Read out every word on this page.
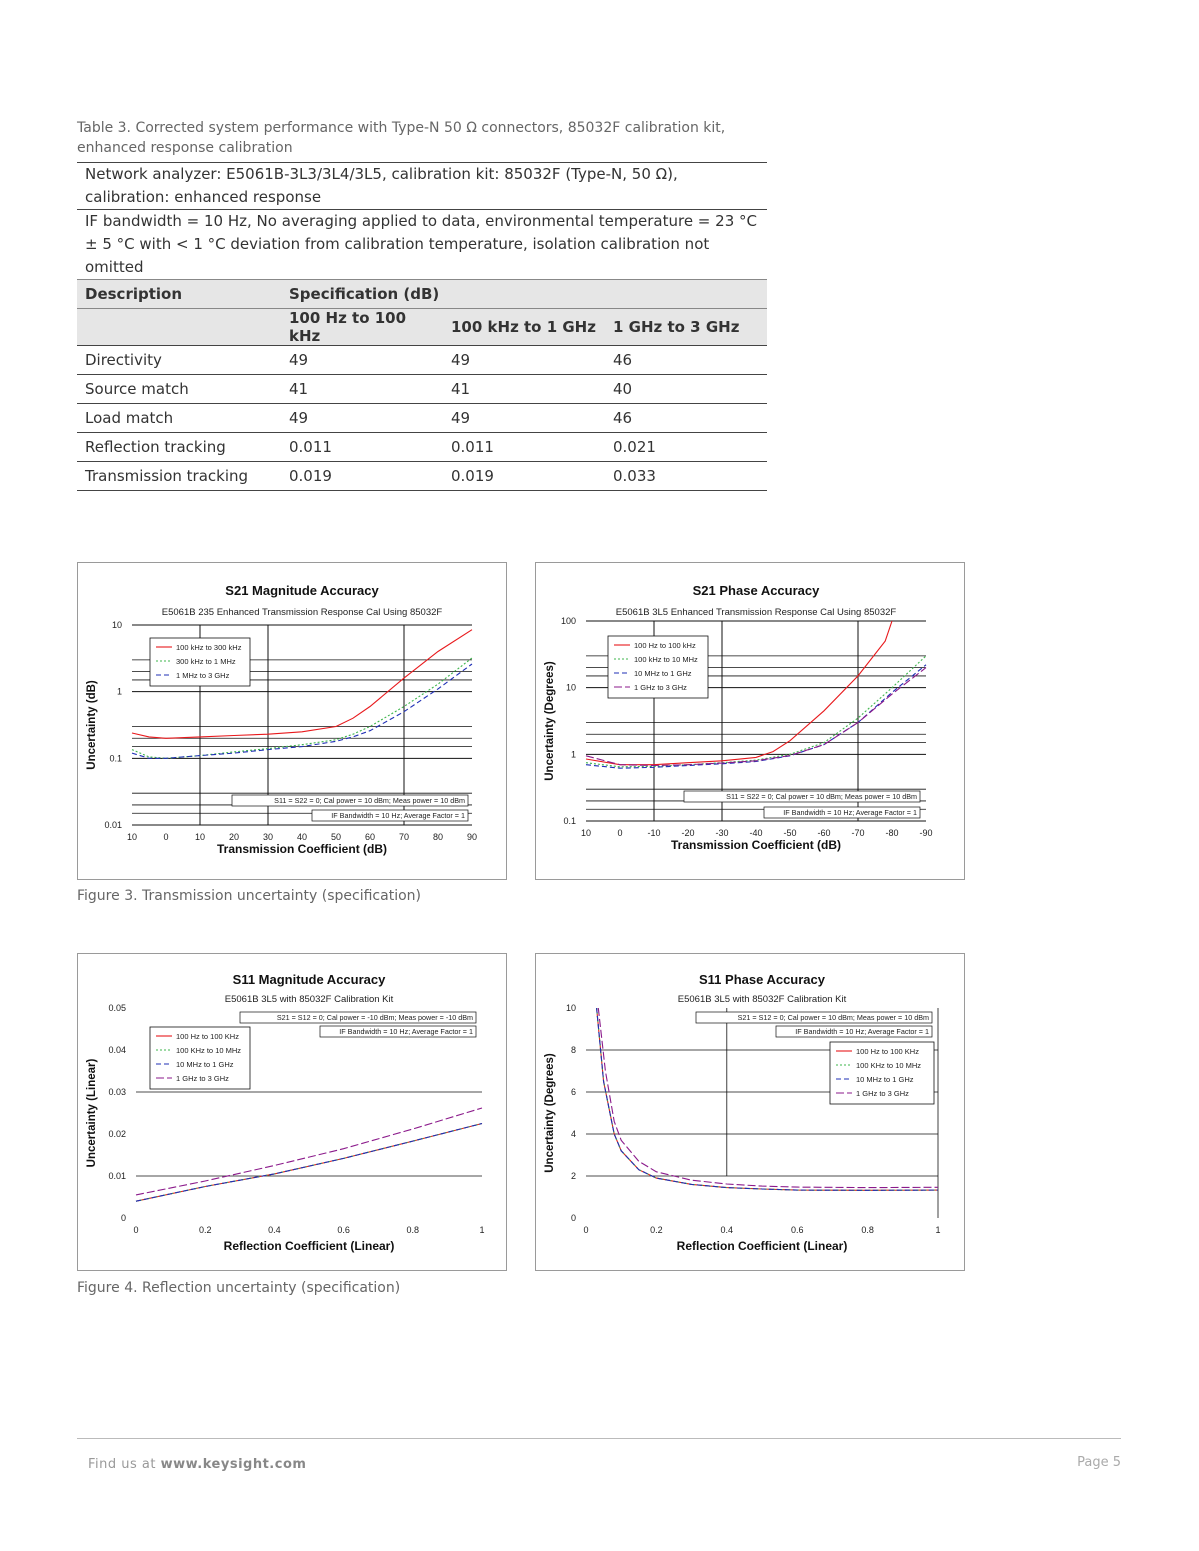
Table 3. Corrected system performance with Type-N 50 Ω connectors, 85032F calibration kit, enhanced response calibration
Network analyzer: E5061B-3L3/3L4/3L5, calibration kit: 85032F (Type-N, 50 Ω), calibration: enhanced response			
IF bandwidth = 10 Hz, No averaging applied to data, environmental temperature = 23 °C ± 5 °C with < 1 °C deviation from calibration temperature, isolation calibration not omitted			
Description	Specification (dB)		
	100 Hz to 100 kHz	100 kHz to 1 GHz	1 GHz to 3 GHz
Directivity	49	49	46
Source match	41	41	40
Load match	49	49	46
Reflection tracking	0.011	0.011	0.021
Transmission tracking	0.019	0.019	0.033
S21 Magnitude Accuracy
E5061B 235 Enhanced Transmission Response Cal Using 85032F
10
1
0.1
0.01
10	0	10	20	30	40	50	60	70	80	90
Transmission Coefficient (dB)
Uncertainty (dB)
100 kHz to 300 kHz
300 kHz to 1 MHz
1 MHz to 3 GHz
S11 = S22 = 0; Cal power = 10 dBm; Meas power = 10 dBm
IF Bandwidth = 10 Hz; Average Factor = 1
S21 Phase Accuracy
E5061B 3L5 Enhanced Transmission Response Cal Using 85032F
100
10
1
0.1
10	0	-10 -20 -30 -40 -50 -60 -70 -80 -90
Transmission Coefficient (dB)
Uncertainty (Degrees)
100 Hz to 100 kHz
100 kHz to 10 MHz
10 MHz to 1 GHz
1 GHz to 3 GHz
S11 = S22 = 0; Cal power = 10 dBm; Meas power = 10 dBm
IF Bandwidth = 10 Hz; Average Factor = 1
Figure 3. Transmission uncertainty (specification)
S11 Magnitude Accuracy
E5061B 3L5 with 85032F Calibration Kit
0.05
0.04
0.03
0.02
0.01
0
0	0.2	0.4	0.6	0.8	1
Reflection Coefficient (Linear)
Uncertainty (Linear)
100 Hz to 100 KHz
100 KHz to 10 MHz
10 MHz to 1 GHz
1 GHz to 3 GHz
S21 = S12 = 0; Cal power = -10 dBm; Meas power = -10 dBm
IF Bandwidth = 10 Hz; Average Factor = 1
S11 Phase Accuracy
E5061B 3L5 with 85032F Calibration Kit
10
8
6
4
2
0
0	0.2	0.4	0.6	0.8	1
Reflection Coefficient (Linear)
Uncertainty (Degrees)
100 Hz to 100 KHz
100 KHz to 10 MHz
10 MHz to 1 GHz
1 GHz to 3 GHz
S21 = S12 = 0; Cal power = 10 dBm; Meas power = 10 dBm
IF Bandwidth = 10 Hz; Average Factor = 1
Figure 4. Reflection uncertainty (specification)
Find us at www.keysight.com	Page 5
